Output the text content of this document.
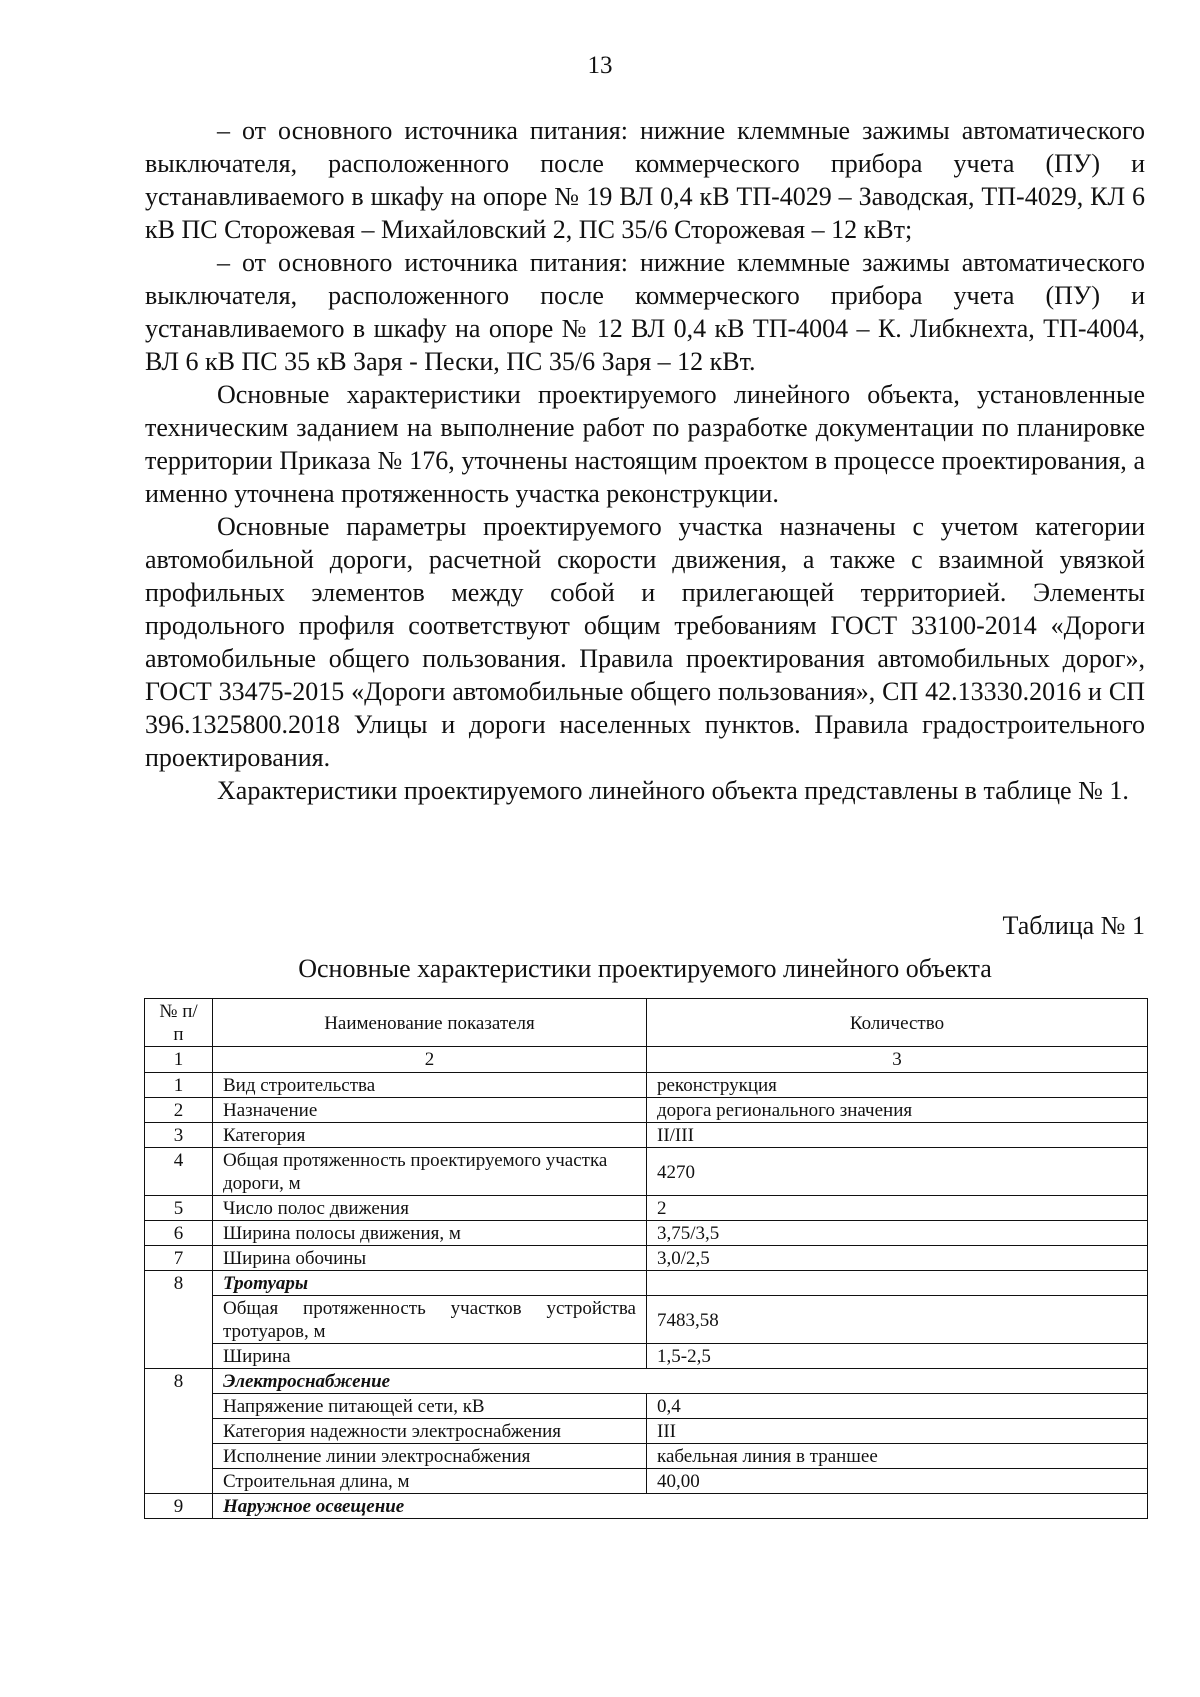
13

– от основного источника питания: нижние клеммные зажимы автоматического выключателя, расположенного после коммерческого прибора учета (ПУ) и устанавливаемого в шкафу на опоре № 19 ВЛ 0,4 кВ ТП-4029 – Заводская, ТП-4029, КЛ 6 кВ ПС Сторожевая – Михайловский 2, ПС 35/6 Сторожевая – 12 кВт;

– от основного источника питания: нижние клеммные зажимы автоматического выключателя, расположенного после коммерческого прибора учета (ПУ) и устанавливаемого в шкафу на опоре № 12 ВЛ 0,4 кВ ТП-4004 – К. Либкнехта, ТП-4004, ВЛ 6 кВ ПС 35 кВ Заря - Пески, ПС 35/6 Заря – 12 кВт.

Основные характеристики проектируемого линейного объекта, установленные техническим заданием на выполнение работ по разработке документации по планировке территории Приказа № 176, уточнены настоящим проектом в процессе проектирования, а именно уточнена протяженность участка реконструкции.

Основные параметры проектируемого участка назначены с учетом категории автомобильной дороги, расчетной скорости движения, а также с взаимной увязкой профильных элементов между собой и прилегающей территорией. Элементы продольного профиля соответствуют общим требованиям ГОСТ 33100-2014 «Дороги автомобильные общего пользования. Правила проектирования автомобильных дорог», ГОСТ 33475-2015 «Дороги автомобильные общего пользования», СП 42.13330.2016 и СП 396.1325800.2018 Улицы и дороги населенных пунктов. Правила градостроительного проектирования.

Характеристики проектируемого линейного объекта представлены в таблице № 1.

Таблица № 1
Основные характеристики проектируемого линейного объекта
№ п/п	Наименование показателя	Количество
1	2	3
1	Вид строительства	реконструкция
2	Назначение	дорога регионального значения
3	Категория	II/III
4	Общая протяженность проектируемого участка дороги, м	4270
5	Число полос движения	2
6	Ширина полосы движения, м	3,75/3,5
7	Ширина обочины	3,0/2,5
8	Тротуары	
	Общая протяженность участков устройства тротуаров, м	7483,58
	Ширина	1,5-2,5
8	Электроснабжение	
	Напряжение питающей сети, кВ	0,4
	Категория надежности электроснабжения	III
	Исполнение линии электроснабжения	кабельная линия в траншее
	Строительная длина, м	40,00
9	Наружное освещение	
